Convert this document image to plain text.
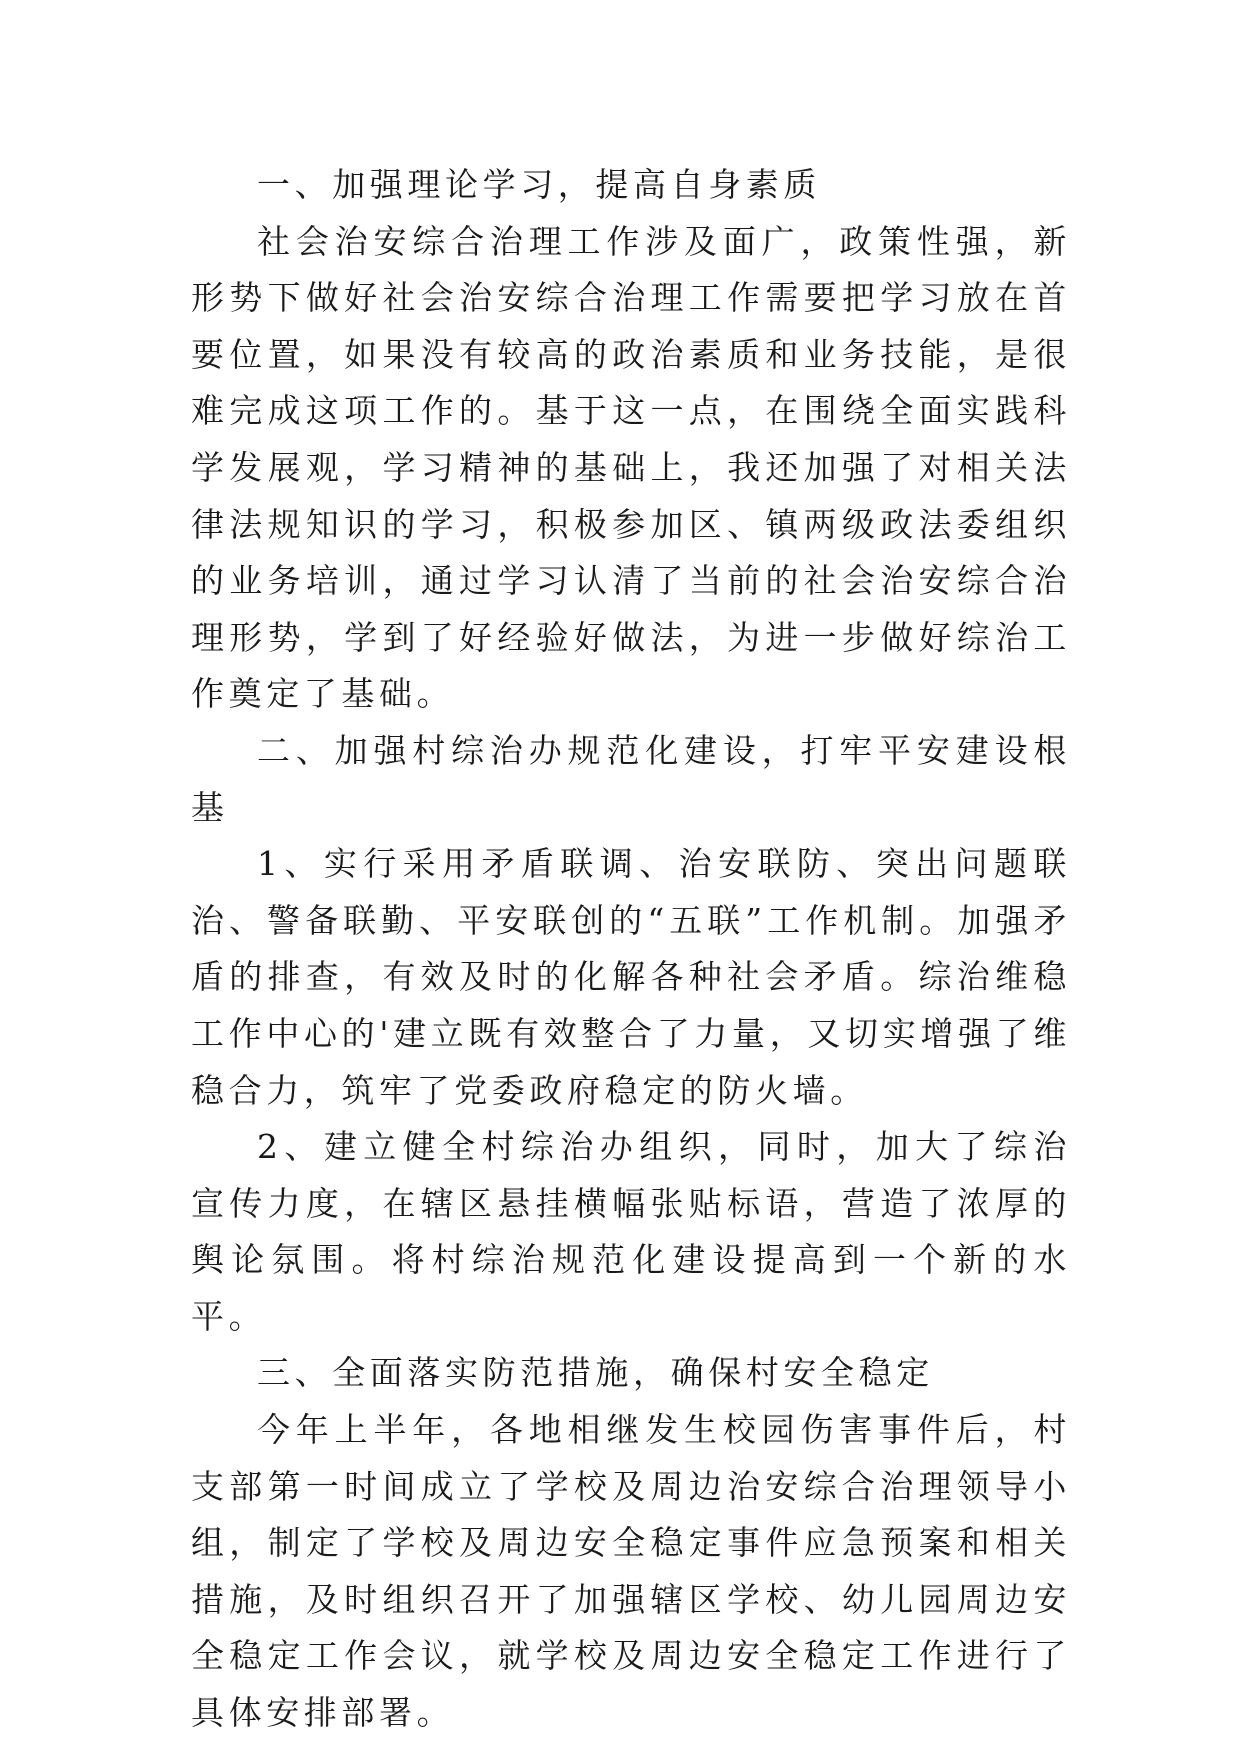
一、加强理论学习，提高自身素质

社会治安综合治理工作涉及面广，政策性强，新形势下做好社会治安综合治理工作需要把学习放在首要位置，如果没有较高的政治素质和业务技能，是很难完成这项工作的。基于这一点，在围绕全面实践科学发展观，学习精神的基础上，我还加强了对相关法律法规知识的学习，积极参加区、镇两级政法委组织的业务培训，通过学习认清了当前的社会治安综合治理形势，学到了好经验好做法，为进一步做好综治工作奠定了基础。

二、加强村综治办规范化建设，打牢平安建设根基

1、实行采用矛盾联调、治安联防、突出问题联治、警备联勤、平安联创的“五联”工作机制。加强矛盾的排查，有效及时的化解各种社会矛盾。综治维稳工作中心的'建立既有效整合了力量，又切实增强了维稳合力，筑牢了党委政府稳定的防火墙。

2、建立健全村综治办组织，同时，加大了综治宣传力度，在辖区悬挂横幅张贴标语，营造了浓厚的舆论氛围。将村综治规范化建设提高到一个新的水平。

三、全面落实防范措施，确保村安全稳定

今年上半年，各地相继发生校园伤害事件后，村支部第一时间成立了学校及周边治安综合治理领导小组，制定了学校及周边安全稳定事件应急预案和相关措施，及时组织召开了加强辖区学校、幼儿园周边安全稳定工作会议，就学校及周边安全稳定工作进行了具体安排部署。
